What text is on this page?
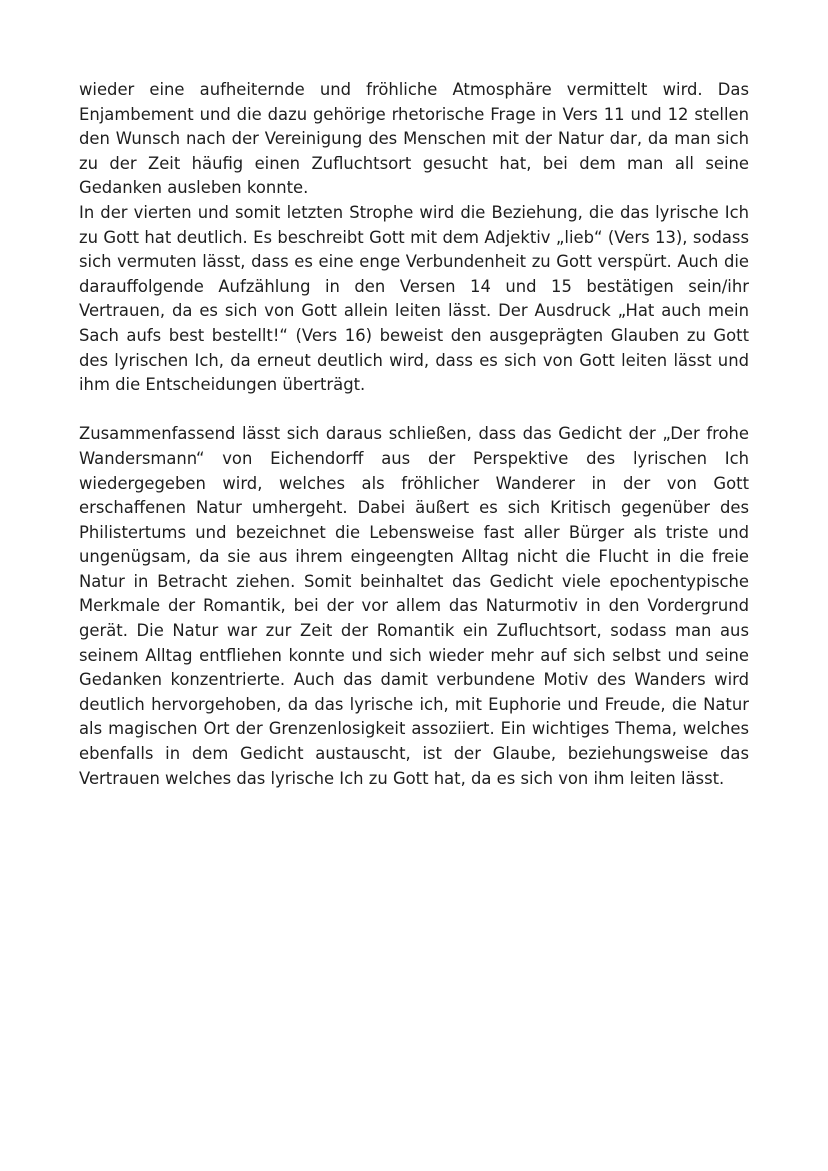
wieder eine aufheiternde und fröhliche Atmosphäre vermittelt wird. Das Enjambement und die dazu gehörige rhetorische Frage in Vers 11 und 12 stellen den Wunsch nach der Vereinigung des Menschen mit der Natur dar, da man sich zu der Zeit häufig einen Zufluchtsort gesucht hat, bei dem man all seine Gedanken ausleben konnte.

In der vierten und somit letzten Strophe wird die Beziehung, die das lyrische Ich zu Gott hat deutlich. Es beschreibt Gott mit dem Adjektiv „lieb“ (Vers 13), sodass sich vermuten lässt, dass es eine enge Verbundenheit zu Gott verspürt. Auch die darauffolgende Aufzählung in den Versen 14 und 15 bestätigen sein/ihr Vertrauen, da es sich von Gott allein leiten lässt. Der Ausdruck „Hat auch mein Sach aufs best bestellt!“ (Vers 16) beweist den ausgeprägten Glauben zu Gott des lyrischen Ich, da erneut deutlich wird, dass es sich von Gott leiten lässt und ihm die Entscheidungen überträgt.

Zusammenfassend lässt sich daraus schließen, dass das Gedicht der „Der frohe Wandersmann“ von Eichendorff aus der Perspektive des lyrischen Ich wiedergegeben wird, welches als fröhlicher Wanderer in der von Gott erschaffenen Natur umhergeht. Dabei äußert es sich Kritisch gegenüber des Philistertums und bezeichnet die Lebensweise fast aller Bürger als triste und ungenügsam, da sie aus ihrem eingeengten Alltag nicht die Flucht in die freie Natur in Betracht ziehen. Somit beinhaltet das Gedicht viele epochentypische Merkmale der Romantik, bei der vor allem das Naturmotiv in den Vordergrund gerät. Die Natur war zur Zeit der Romantik ein Zufluchtsort, sodass man aus seinem Alltag entfliehen konnte und sich wieder mehr auf sich selbst und seine Gedanken konzentrierte. Auch das damit verbundene Motiv des Wanders wird deutlich hervorgehoben, da das lyrische ich, mit Euphorie und Freude, die Natur als magischen Ort der Grenzenlosigkeit assoziiert. Ein wichtiges Thema, welches ebenfalls in dem Gedicht austauscht, ist der Glaube, beziehungsweise das Vertrauen welches das lyrische Ich zu Gott hat, da es sich von ihm leiten lässt.
